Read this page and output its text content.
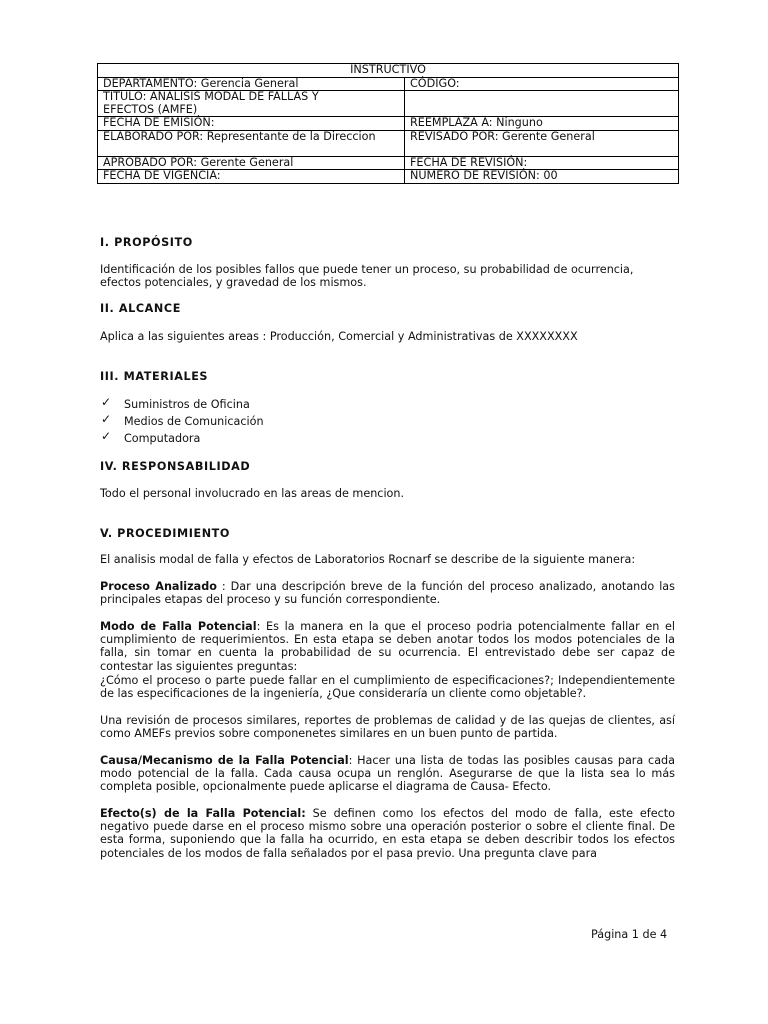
INSTRUCTIVO	
DEPARTAMENTO: Gerencia General	CÓDIGO:

TITULO: ANALISIS MODAL DE FALLAS Y
EFECTOS (AMFE)	

FECHA DE EMISIÓN:	REEMPLAZA A: Ninguno
ELABORADO POR: Representante de la Direccion	REVISADO POR: Gerente General
APROBADO POR: Gerente General	FECHA DE REVISIÓN:
FECHA DE VIGENCIA:	NUMERO DE REVISIÓN: 00
I. PROPÓSITO

Identificación de los posibles fallos que puede tener un proceso, su probabilidad de ocurrencia, efectos potenciales, y gravedad de los mismos.

II. ALCANCE

Aplica a las siguientes areas : Producción, Comercial y Administrativas de XXXXXXXX

III. MATERIALES
✓ Suministros de Oficina
✓ Medios de Comunicación
✓ Computadora
IV. RESPONSABILIDAD

Todo el personal involucrado en las areas de mencion.

V. PROCEDIMIENTO

El analisis modal de falla y efectos de Laboratorios Rocnarf se describe de la siguiente manera:

Proceso Analizado : Dar una descripción breve de la función del proceso analizado, anotando las principales etapas del proceso y su función correspondiente.

Modo de Falla Potencial: Es la manera en la que el proceso podria potencialmente fallar en el cumplimiento de requerimientos. En esta etapa se deben anotar todos los modos potenciales de la falla, sin tomar en cuenta la probabilidad de su ocurrencia. El entrevistado debe ser capaz de contestar las siguientes preguntas:

¿Cómo el proceso o parte puede fallar en el cumplimiento de especificaciones?; Independientemente de las especificaciones de la ingeniería, ¿Que consideraría un cliente como objetable?.

Una revisión de procesos similares, reportes de problemas de calidad y de las quejas de clientes, así como AMEFs previos sobre componenetes similares en un buen punto de partida.

Causa/Mecanismo de la Falla Potencial: Hacer una lista de todas las posibles causas para cada modo potencial de la falla. Cada causa ocupa un renglón. Asegurarse de que la lista sea lo más completa posible, opcionalmente puede aplicarse el diagrama de Causa- Efecto.

Efecto(s) de la Falla Potencial: Se definen como los efectos del modo de falla, este efecto negativo puede darse en el proceso mismo sobre una operación posterior o sobre el cliente final. De esta forma, suponiendo que la falla ha ocurrido, en esta etapa se deben describir todos los efectos potenciales de los modos de falla señalados por el pasa previo. Una pregunta clave para

Página 1 de 4
